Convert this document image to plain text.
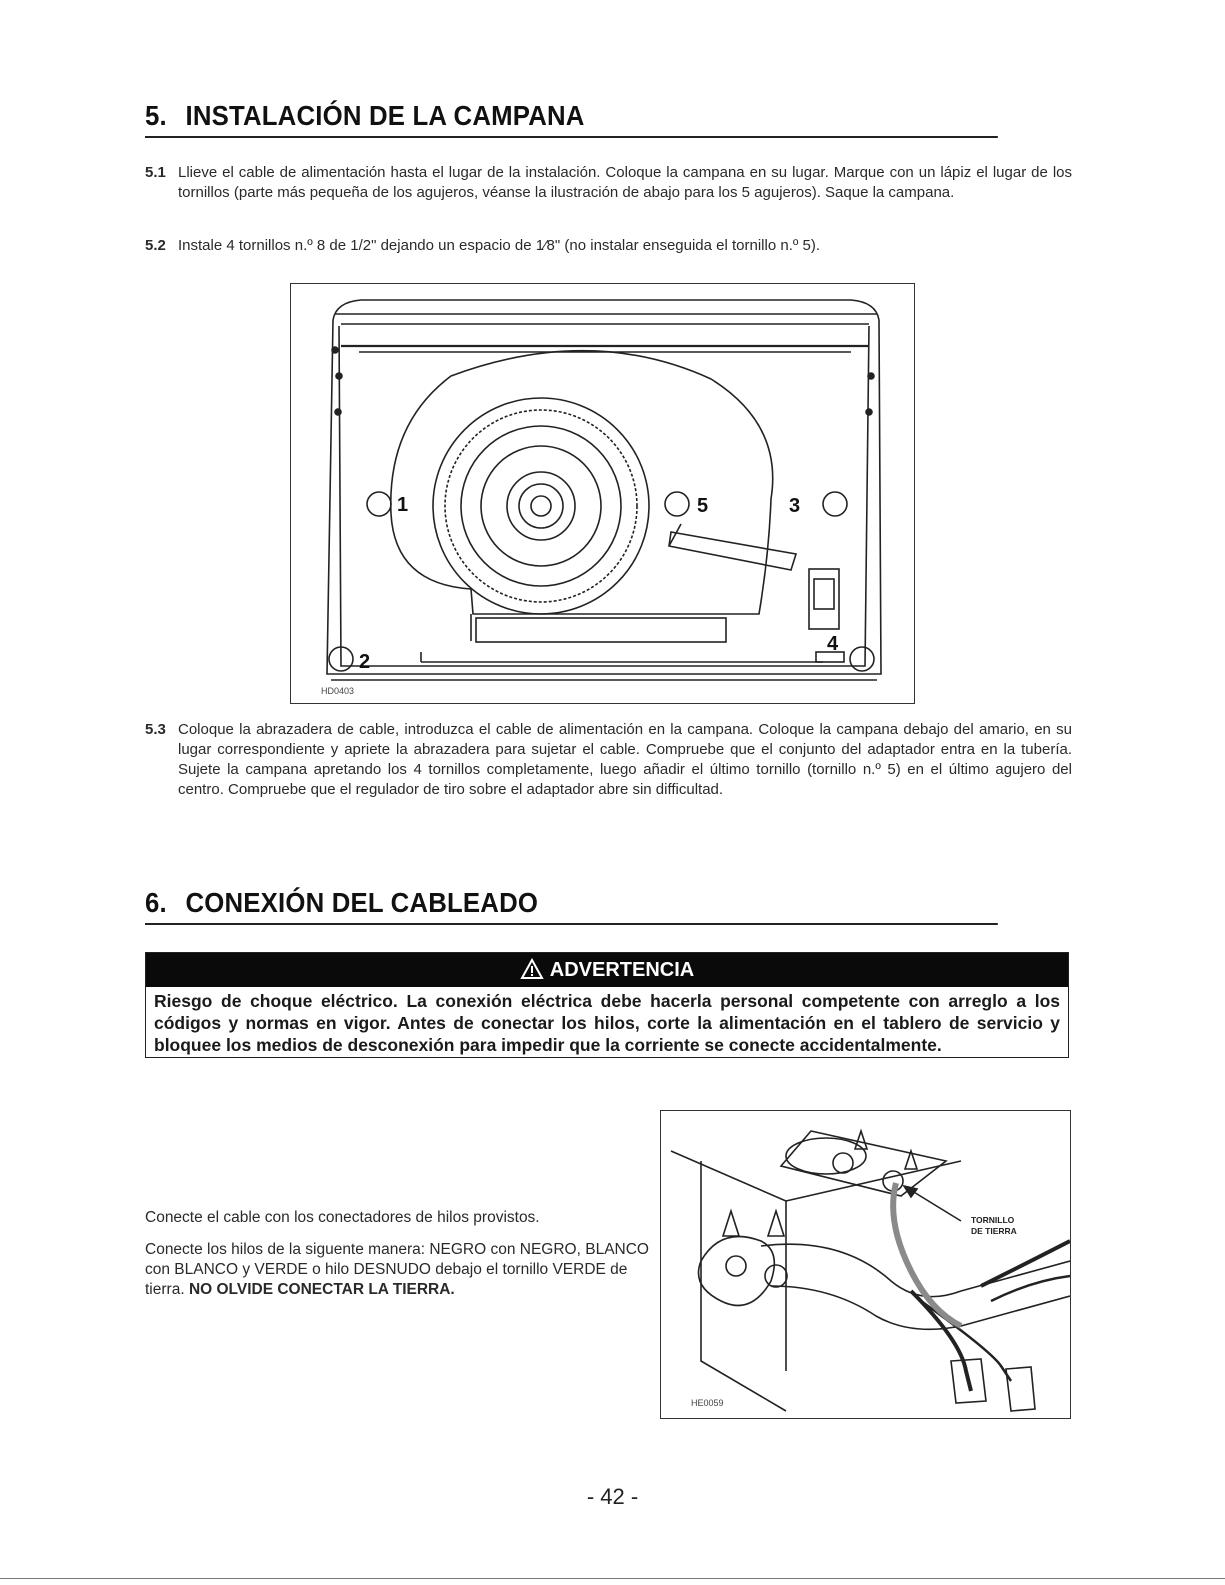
5. INSTALACIÓN DE LA CAMPANA
5.1 Llieve el cable de alimentación hasta el lugar de la instalación. Coloque la campana en su lugar. Marque con un lápiz el lugar de los tornillos (parte más pequeña de los agujeros, véanse la ilustración de abajo para los 5 agujeros). Saque la campana.
5.2 Instale 4 tornillos n.º 8 de 1/2" dejando un espacio de 1⁄8" (no instalar enseguida el tornillo n.º 5).
1	5	3
2
4
HD0403
5.3 Coloque la abrazadera de cable, introduzca el cable de alimentación en la campana. Coloque la campana debajo del amario, en su lugar correspondiente y apriete la abrazadera para sujetar el cable. Compruebe que el conjunto del adaptador entra en la tubería. Sujete la campana apretando los 4 tornillos completamente, luego añadir el último tornillo (tornillo n.º 5) en el último agujero del centro. Compruebe que el regulador de tiro sobre el adaptador abre sin difficultad.
6. CONEXIÓN DEL CABLEADO
ADVERTENCIA
Riesgo de choque eléctrico. La conexión eléctrica debe hacerla personal competente con arreglo a los códigos y normas en vigor. Antes de conectar los hilos, corte la alimentación en el tablero de servicio y bloquee los medios de desconexión para impedir que la corriente se conecte accidentalmente.

Conecte el cable con los conectadores de hilos provistos.

Conecte los hilos de la siguente manera: NEGRO con NEGRO, BLANCO con BLANCO y VERDE o hilo DESNUDO debajo el tornillo VERDE de tierra. NO OLVIDE CONECTAR LA TIERRA.

TORNILLO
DE TIERRA
HE0059
- 42 -
